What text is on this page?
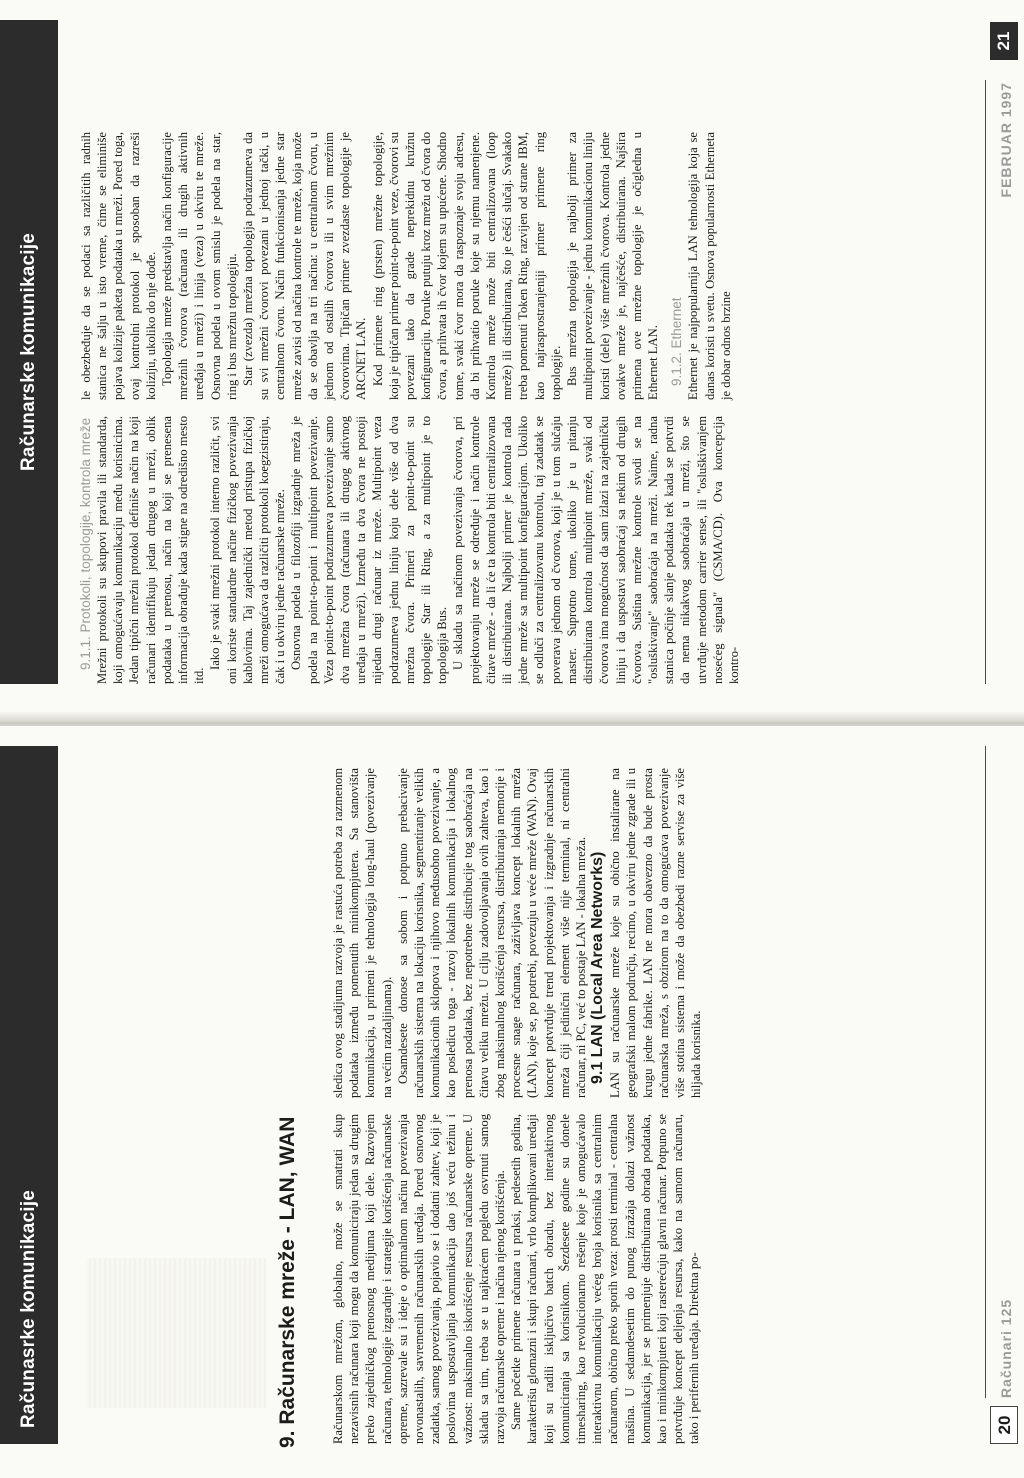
Računarske komunikacije

9.1.1. Protokoli, topologije, kontrola mreže Mrežni protokoli su skupovi pravila ili standarda, koji omogućavaju komunikaciju među korisnicima. Jedan tipični mrežni protokol definiše način na koji računari identifikuju jedan drugog u mreži, oblik podataka u prenosu, način na koji se prenesena informacija obrađuje kada stigne na odredišno mesto itd.

Iako je svaki mrežni protokol interno različit, svi oni koriste standardne načine fizičkog povezivanja kablovima. Taj zajednički metod pristupa fizičkoj mreži omogućava da različiti protokoli koegzistiraju, čak i u okviru jedne računarske mreže. Osnovna podela u filozofiji izgradnje mreža je podela na point-to-point i multipoint povezivanje. Veza point-to-point podrazumeva povezivanje samo dva mrežna čvora (računara ili drugog aktivnog uređaja u mreži). Između ta dva čvora ne postoji nijedan drugi računar iz mreže. Multipoint veza podrazumeva jednu liniju koju dele više od dva mrežna čvora. Primeri za point-to-point su topologije Star ili Ring, a za multipoint je to topologija Bus. U skladu sa načinom povezivanja čvorova, pri projektovanju mreže se određuje i način kontrole čitave mreže - da li će ta kontrola biti centralizovana ili distribuirana. Najbolji primer je kontrola rada jedne mreže sa multipoint konfiguracijom. Ukoliko se odluči za centralizovanu kontrolu, taj zadatak se poverava jednom od čvorova, koji je u tom slučaju master. Suprotno tome, ukoliko je u pitanju distribuirana kontrola multipoint mreže, svaki od čvorova ima mogućnost da sam izlazi na zajedničku liniju i da uspostavi saobraćaj sa nekim od drugih čvorova. Suština mrežne kontrole svodi se na "osluškivanje" saobraćaja na mreži. Naime, radna stanica počinje slanje podataka tek kada se potvrdi da nema nikakvog saobraćaja u mreži, što se utvrđuje metodom carrier sense, ili "osluškivanjem nosećeg signala" (CSMA/CD). Ova koncepcija kontro-

le obezbeđuje da se podaci sa različitih radnih stanica ne šalju u isto vreme, čime se eliminiše pojava kolizije paketa podataka u mreži. Pored toga, ovaj kontrolni protokol je sposoban da razreši koliziju, ukoliko do nje dođe. Topologija mreže predstavlja način konfiguracije mrežnih čvorova (računara ili drugih aktivnih uređaja u mreži) i linija (veza) u okviru te mreže. Osnovna podela u ovom smislu je podela na star, ring i bus mrežnu topologiju. Star (zvezda) mrežna topologija podrazumeva da su svi mrežni čvorovi povezani u jednoj tački, u centralnom čvoru. Način funkcionisanja jedne star mreže zavisi od načina kontrole te mreže, koja može da se obavlja na tri načina: u centralnom čvoru, u jednom od ostalih čvorova ili u svim mrežnim čvorovima. Tipičan primer zvezdaste topologije je ARCNET LAN. Kod primene ring (prsten) mrežne topologije, koja je tipičan primer point-to-point veze, čvorovi su povezani tako da grade neprekidnu kružnu konfiguraciju. Poruke putuju kroz mrežu od čvora do čvora, a prihvata ih čvor kojem su upućene. Shodno tome, svaki čvor mora da raspoznaje svoju adresu, da bi prihvatio poruke koje su njemu namenjene. Kontrola mreže može biti centralizovana (loop mreže) ili distribuirana, što je češći slučaj. Svakako treba pomenuti Token Ring, razvijen od strane IBM, kao najrasprostranjeniji primer primene ring topologije. Bus mrežna topologija je najbolji primer za multipoint povezivanje - jednu komunikacionu liniju koristi (dele) više mrežnih čvorova. Kontrola jedne ovakve mreže je, najčešće, distribuirana. Najšira primena ove mrežne topologije je očigledna u Ethernet LAN. 9.1.2. Ethernet Ethernet je najpopularnija LAN tehnologija koja se danas koristi u svetu. Osnova popularnosti Etherneta je dobar odnos brzine

FEBRUAR 1997
21
Računasrke komunikacije	9. Računarske mreže - LAN, WAN	Računarskom mrežom, globalno, može se smatrati skup nezavisnih računara koji mogu da komuniciraju jedan sa drugim preko zajedničkog prenosnog medijuma koji dele. Razvojem računara, tehnologije izgradnje i strategije korišćenja računarske opreme, sazrevale su i ideje o optimalnom načinu povezivanja novonastalih, savremenih računarskih uređaja. Pored osnovnog zadatka, samog povezivanja, pojavio se i dodatni zahtev, koji je poslovima uspostavljanja komunikacija dao još veću težinu i važnost: maksimalno iskorišćenje resursa računarske opreme. U skladu sa tim, treba se u najkraćem pogledu osvrnuti samog razvoja računarske opreme i načina njenog korišćenja. Same početke primene računara u praksi, pedesetih godina, karakterišu glomazni i skupi računari, vrlo komplikovani uređaji koji su radili isključivo batch obradu, bez interaktivnog komuniciranja sa korisnikom. Šezdesete godine su donele timesharing, kao revolucionarno rešenje koje je omogućavalo interaktivnu komunikaciju većeg broja korisnika sa centralnim računarom, obično preko sporih veza: prosti terminal - centralna mašina. U sedamdesetim do punog izražaja dolazi važnost komunikacija, jer se primenjuje distribuirana obrada podataka, kao i minikompjuteri koji rasterećuju glavni računar. Potpuno se potvrđuje koncept deljenja resursa, kako na samom računaru, tako i perifernih uređaja. Direktna po-

sledica ovog stadijuma razvoja je rastuća potreba za razmenom podataka između pomenutih minikompjutera. Sa stanovišta komunikacija, u primeni je tehnologija long-haul (povezivanje na većim razdaljinama). Osamdesete donose sa sobom i potpuno prebacivanje računarskih sistema na lokaciju korisnika, segmentiranje velikih komunikacionih sklopova i njihovo međusobno povezivanje, a kao posledicu toga - razvoj lokalnih komunikacija i lokalnog prenosa podataka, bez nepotrebne distribucije tog saobraćaja na čitavu veliku mrežu. U cilju zadovoljavanja ovih zahteva, kao i zbog maksimalnog korišćenja resursa, distribuiranja memorije i procesne snage računara, zaživljava koncept lokalnih mreža (LAN), koje se, po potrebi, povezuju u veće mreže (WAN). Ovaj koncept potvrđuje trend projektovanja i izgradnje računarskih mreža čiji jedinični element više nije terminal, ni centralni računar, ni PC, već to postaje LAN - lokalna mreža. 9.1 LAN (Local Area Networks) LAN su računarske mreže koje su obično instalirane na geografski malom području, recimo, u okviru jedne zgrade ili u krugu jedne fabrike. LAN ne mora obavezno da bude prosta računarska mreža, s obzirom na to da omogućava povezivanje više stotina sistema i može da obezbedi razne servise za više hiljada korisnika.

20
Računari 125
